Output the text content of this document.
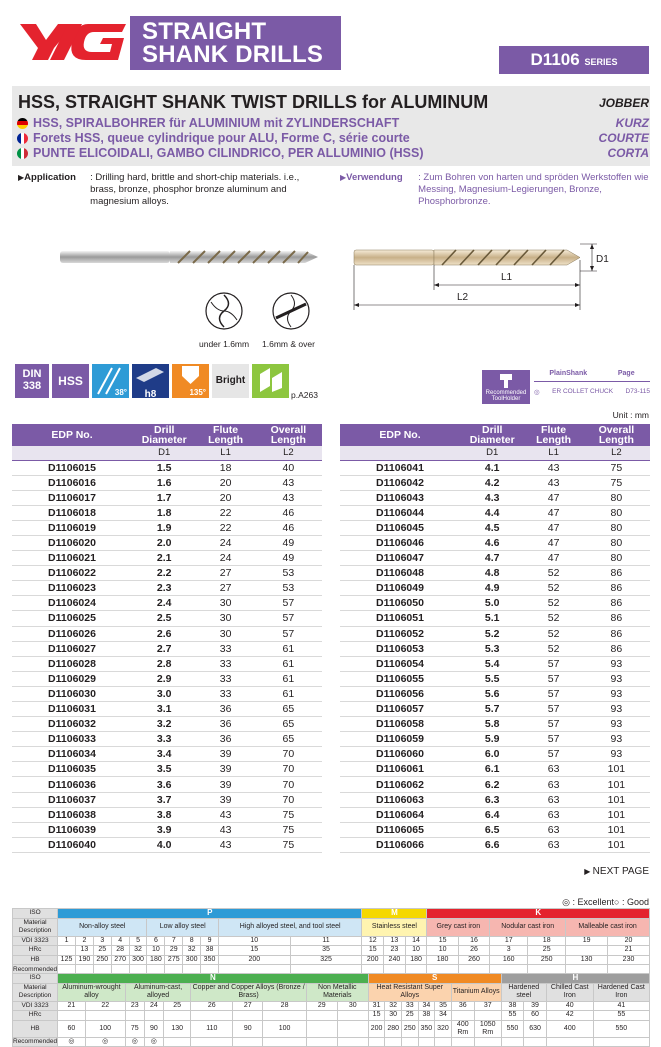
STRAIGHT
SHANK DRILLS	D1106 SERIES
HSS, STRAIGHT SHANK TWIST DRILLS for ALUMINUM	JOBBER
HSS, SPIRALBOHRER für ALUMINIUM mit ZYLINDERSCHAFT	KURZ
Forets HSS, queue cylindrique pour ALU, Forme C, série courte	COURTE
PUNTE ELICOIDALI, GAMBO CILINDRICO, PER ALLUMINIO (HSS)	CORTA
▶ Application	: Drilling hard, brittle and short-chip materials. i.e., brass, bronze, phosphor bronze aluminum and magnesium alloys.
▶ Verwendung	: Zum Bohren von harten und spröden Werkstoffen wie Messing, Magnesium-Legierungen, Bronze, Phosphorbronze.
under 1.6mm 1.6mm & over
D1
L1
L2
DIN
338	HSS
38°	h8	135°
Bright
p.A263	Recommended ToolHolder
PlainShank	Page
◎ ER COLLET CHUCK D73-115
Unit : mm
EDP No.	Drill Diameter	Flute Length	Overall Length
	D1	L1	L2
D1106015	1.5	18	40
D1106016	1.6	20	43
D1106017	1.7	20	43
D1106018	1.8	22	46
D1106019	1.9	22	46
D1106020	2.0	24	49
D1106021	2.1	24	49
D1106022	2.2	27	53
D1106023	2.3	27	53
D1106024	2.4	30	57
D1106025	2.5	30	57
D1106026	2.6	30	57
D1106027	2.7	33	61
D1106028	2.8	33	61
D1106029	2.9	33	61
D1106030	3.0	33	61
D1106031	3.1	36	65
D1106032	3.2	36	65
D1106033	3.3	36	65
D1106034	3.4	39	70
D1106035	3.5	39	70
D1106036	3.6	39	70
D1106037	3.7	39	70
D1106038	3.8	43	75
D1106039	3.9	43	75
D1106040	4.0	43	75
EDP No.	Drill Diameter	Flute Length	Overall Length
	D1	L1	L2
D1106041	4.1	43	75
D1106042	4.2	43	75
D1106043	4.3	47	80
D1106044	4.4	47	80
D1106045	4.5	47	80
D1106046	4.6	47	80
D1106047	4.7	47	80
D1106048	4.8	52	86
D1106049	4.9	52	86
D1106050	5.0	52	86
D1106051	5.1	52	86
D1106052	5.2	52	86
D1106053	5.3	52	86
D1106054	5.4	57	93
D1106055	5.5	57	93
D1106056	5.6	57	93
D1106057	5.7	57	93
D1106058	5.8	57	93
D1106059	5.9	57	93
D1106060	6.0	57	93
D1106061	6.1	63	101
D1106062	6.2	63	101
D1106063	6.3	63	101
D1106064	6.4	63	101
D1106065	6.5	63	101
D1106066	6.6	63	101
▶ NEXT PAGE
◎ : Excellent○ : Good
ISO	P											M			K					
Material Description	Non-alloy steel					Low alloy steel				High alloyed steel, and tool steel		Stainless steel			Grey cast iron		Nodular cast iron		Malleable cast iron	
VDI 3323	1	2	3	4	5	6	7	8	9	10	11	12	13	14	15	16	17	18	19	20
HRc		13	25	28	32	10	29	32	38	15	35	15	23	10	10	26	3	25		21
HB	125	190	250	270	300	180	275	300	350	200	325	200	240	180	180	260	160	250	130	230
Recommended																				
ISO	N										S							H			
Material Description	Aluminum-wrought alloy		Aluminum-cast, alloyed			Copper and Copper Alloys (Bronze / Brass)			Non Metallic Materials		Heat Resistant Super Alloys					Titanium Alloys		Hardened steel		Chilled Cast Iron	Hardened Cast Iron
VDI 3323	21	22	23	24	25	26	27	28	29	30	31	32	33	34	35	36	37	38	39	40	41
HRc											15	30	25	38	34			55	60	42	55
HB	60	100	75	90	130	110	90	100			200	280	250	350	320	400 Rm	1050 Rm	550	630	400	550
Recommended	◎	◎	◎	◎																	
